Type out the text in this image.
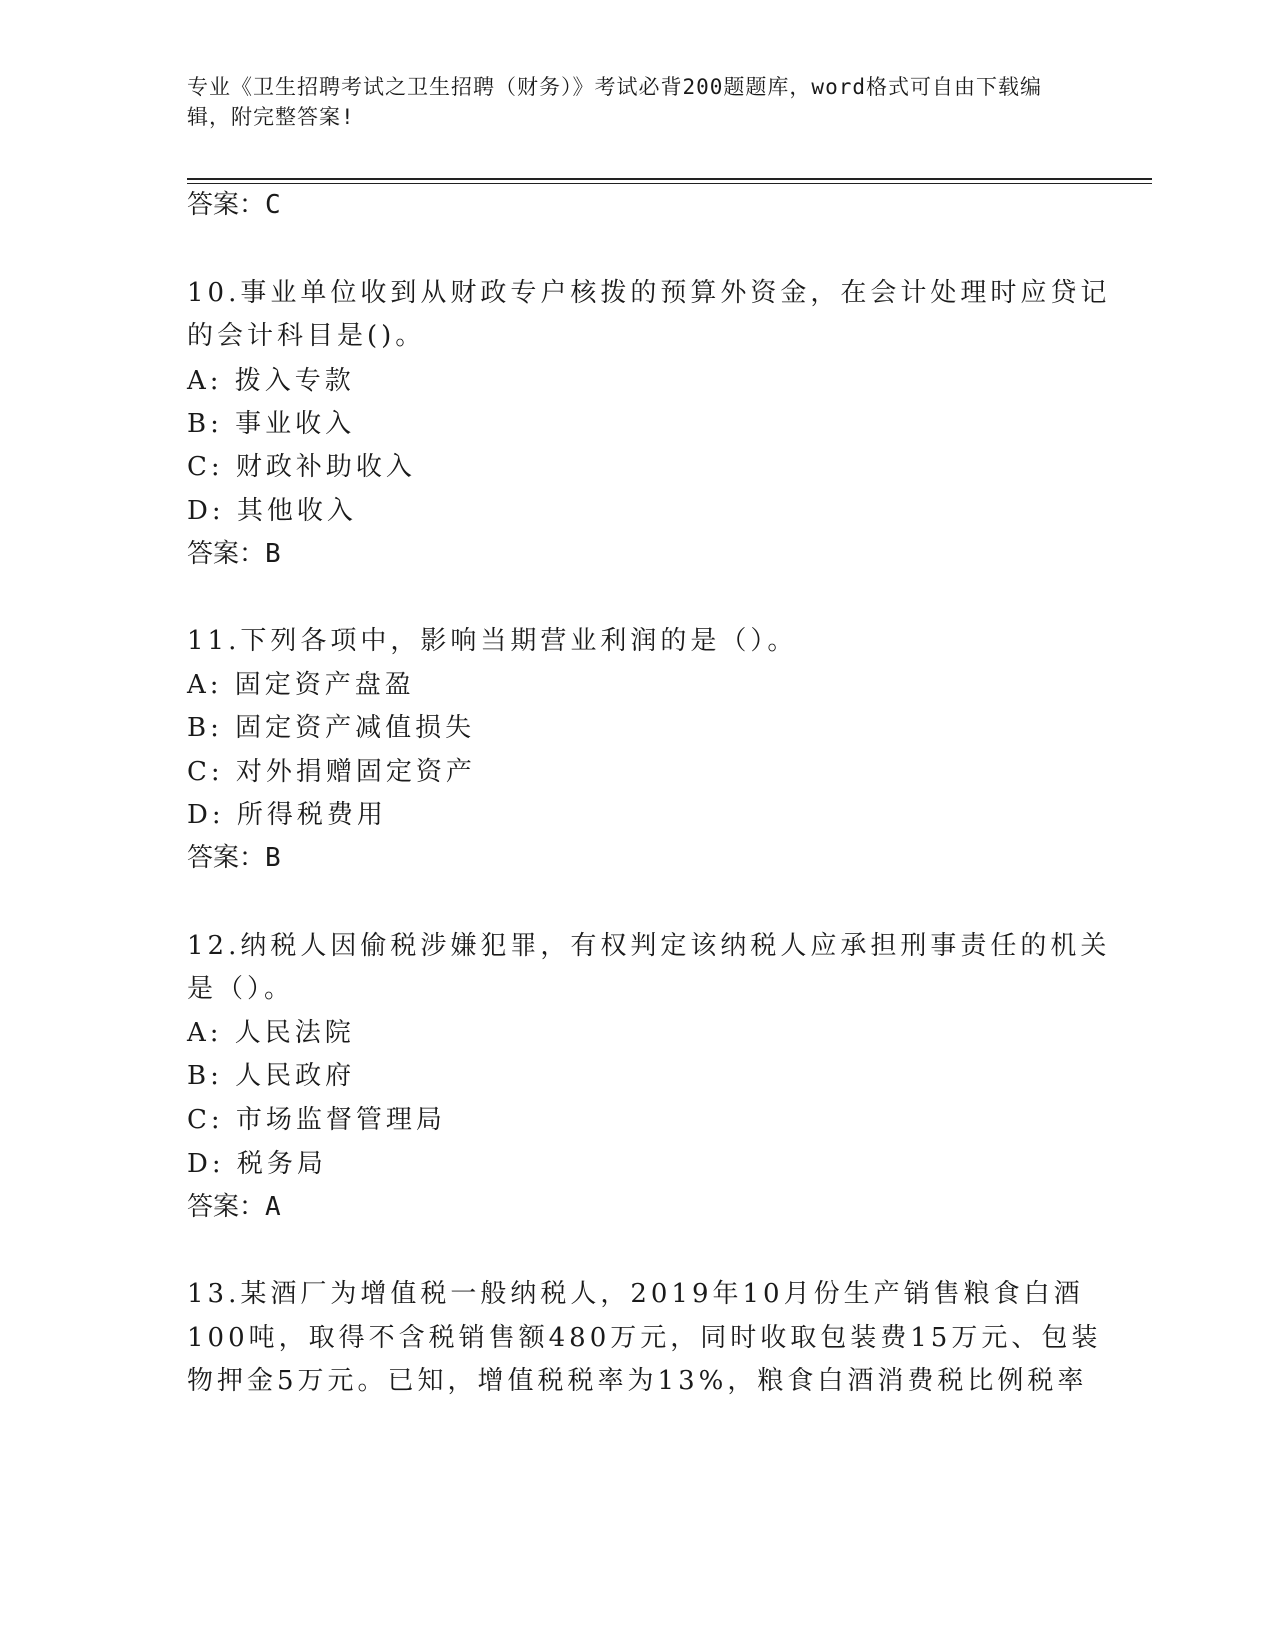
专业《卫生招聘考试之卫生招聘（财务）》考试必背200题题库，word格式可自由下载编辑，附完整答案!
答案：C
10.事业单位收到从财政专户核拨的预算外资金，在会计处理时应贷记
的会计科目是()。
A: 拨入专款
B: 事业收入
C: 财政补助收入
D: 其他收入
答案：B
11.下列各项中，影响当期营业利润的是（）。
A: 固定资产盘盈
B: 固定资产减值损失
C: 对外捐赠固定资产
D: 所得税费用
答案：B
12.纳税人因偷税涉嫌犯罪，有权判定该纳税人应承担刑事责任的机关
是（）。
A: 人民法院
B: 人民政府
C: 市场监督管理局
D: 税务局
答案：A
13.某酒厂为增值税一般纳税人，2019年10月份生产销售粮食白酒
100吨，取得不含税销售额480万元，同时收取包装费15万元、包装
物押金5万元。已知，增值税税率为13%，粮食白酒消费税比例税率
